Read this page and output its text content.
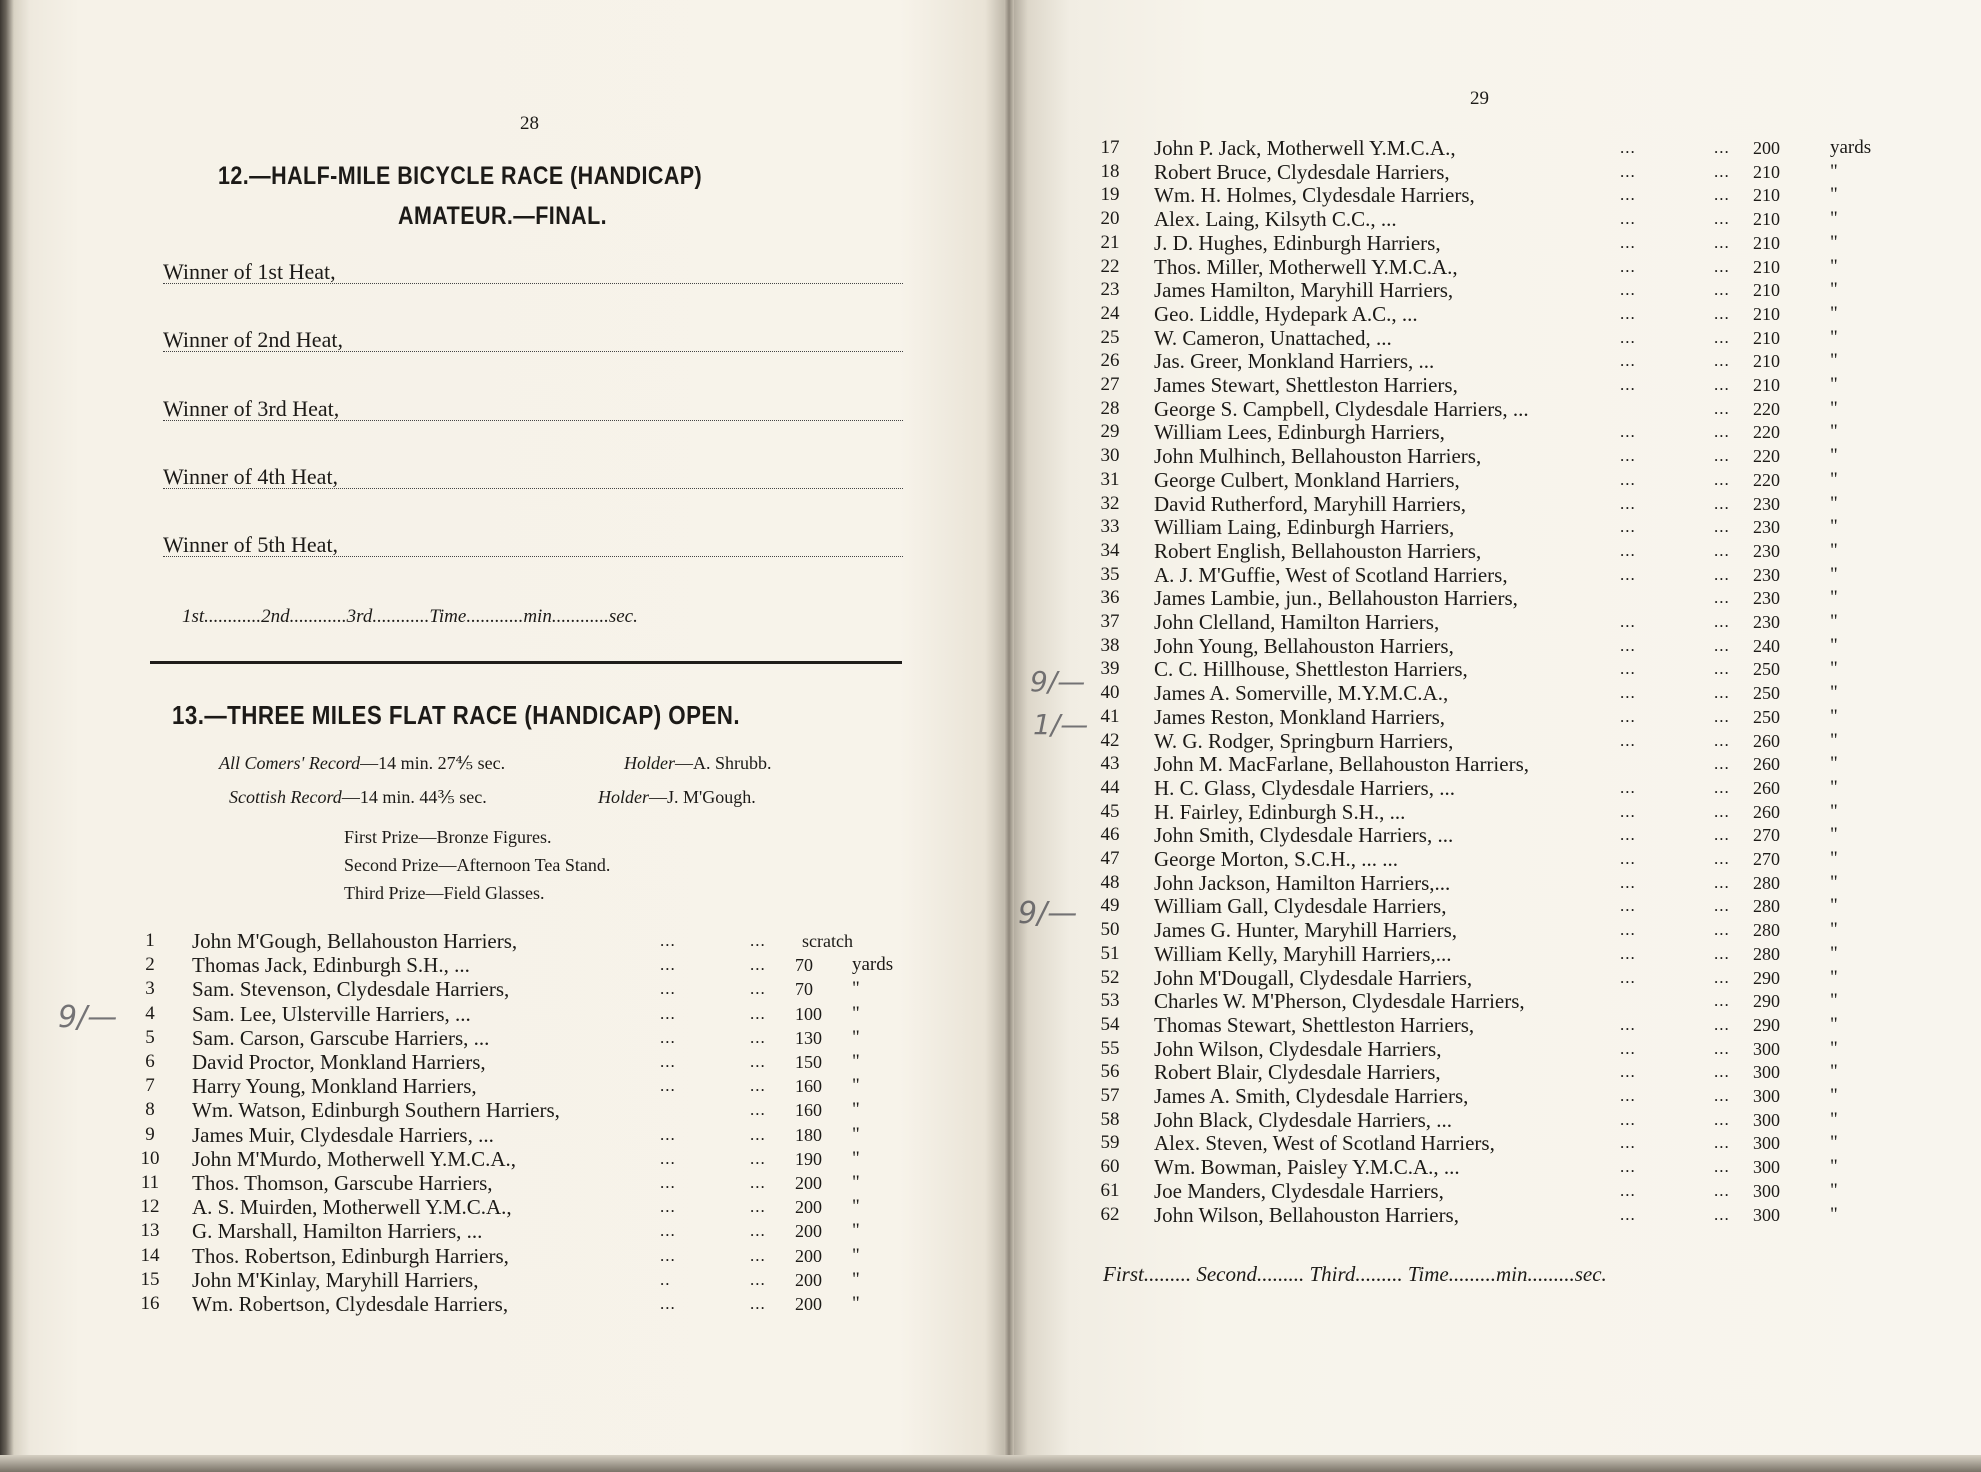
28
12.—HALF-MILE BICYCLE RACE (HANDICAP)
AMATEUR.—FINAL.
Winner of 1st Heat,
Winner of 2nd Heat,
Winner of 3rd Heat,
Winner of 4th Heat,
Winner of 5th Heat,
1st............2nd............3rd............Time............min............sec.
13.—THREE MILES FLAT RACE (HANDICAP) OPEN.
All Comers' Record—14 min. 27⅘ sec.	Holder—A. Shrubb.
Scottish Record—14 min. 44⅗ sec.	Holder—J. M'Gough.
First Prize—Bronze Figures.
Second Prize—Afternoon Tea Stand.
Third Prize—Field Glasses.
1	John M'Gough, Bellahouston Harriers,	...	... scratch
2	Thomas Jack, Edinburgh S.H., ...	...	... 70 yards
3	Sam. Stevenson, Clydesdale Harriers,	...	... 70 "
4	Sam. Lee, Ulsterville Harriers, ...	...	... 100 "
5	Sam. Carson, Garscube Harriers, ...	...	... 130 "
6	David Proctor, Monkland Harriers,	...	... 150 "
7	Harry Young, Monkland Harriers,	...	... 160 "
8	Wm. Watson, Edinburgh Southern Harriers,	... 160 "
9	James Muir, Clydesdale Harriers, ...	...	... 180 "
10	John M'Murdo, Motherwell Y.M.C.A.,	...	... 190 "
11	Thos. Thomson, Garscube Harriers,	...	... 200 "
12	A. S. Muirden, Motherwell Y.M.C.A.,	...	... 200 "
13	G. Marshall, Hamilton Harriers, ...	...	... 200 "
14	Thos. Robertson, Edinburgh Harriers,	...	... 200 "
15	John M'Kinlay, Maryhill Harriers,	..	... 200 "
16	Wm. Robertson, Clydesdale Harriers,	...	... 200 "
29
17	John P. Jack, Motherwell Y.M.C.A.,	...	... 200	yards
18	Robert Bruce, Clydesdale Harriers,	...	... 210	"
19	Wm. H. Holmes, Clydesdale Harriers,	...	... 210	"
20	Alex. Laing, Kilsyth C.C., ...	...	... 210	"
21	J. D. Hughes, Edinburgh Harriers,	...	... 210	"
22	Thos. Miller, Motherwell Y.M.C.A.,	...	... 210	"
23	James Hamilton, Maryhill Harriers,	...	... 210	"
24	Geo. Liddle, Hydepark A.C., ...	...	... 210	"
25	W. Cameron, Unattached, ...	...	... 210	"
26	Jas. Greer, Monkland Harriers, ...	...	... 210	"
27	James Stewart, Shettleston Harriers,	...	... 210	"
28	George S. Campbell, Clydesdale Harriers, ...	... 220	"
29	William Lees, Edinburgh Harriers,	...	... 220	"
30	John Mulhinch, Bellahouston Harriers,	...	... 220	"
31	George Culbert, Monkland Harriers,	...	... 220	"
32	David Rutherford, Maryhill Harriers,	...	... 230	"
33	William Laing, Edinburgh Harriers,	...	... 230	"
34	Robert English, Bellahouston Harriers,	...	... 230	"
35	A. J. M'Guffie, West of Scotland Harriers,	...	... 230	"
36	James Lambie, jun., Bellahouston Harriers,	... 230	"
37	John Clelland, Hamilton Harriers,	...	... 230	"
38	John Young, Bellahouston Harriers,	...	... 240	"
39	C. C. Hillhouse, Shettleston Harriers,	...	... 250	"
40	James A. Somerville, M.Y.M.C.A.,	...	... 250	"
41	James Reston, Monkland Harriers,	...	... 250	"
42	W. G. Rodger, Springburn Harriers,	...	... 260	"
43	John M. MacFarlane, Bellahouston Harriers,	... 260	"
44	H. C. Glass, Clydesdale Harriers, ...	...	... 260	"
45	H. Fairley, Edinburgh S.H., ...	...	... 260	"
46	John Smith, Clydesdale Harriers, ...	...	... 270	"
47	George Morton, S.C.H., ... ...	...	... 270	"
48	John Jackson, Hamilton Harriers,...	...	... 280	"
49	William Gall, Clydesdale Harriers,	...	... 280	"
50	James G. Hunter, Maryhill Harriers,	...	... 280	"
51	William Kelly, Maryhill Harriers,...	...	... 280	"
52	John M'Dougall, Clydesdale Harriers,	...	... 290	"
53	Charles W. M'Pherson, Clydesdale Harriers,	... 290	"
54	Thomas Stewart, Shettleston Harriers,	...	... 290	"
55	John Wilson, Clydesdale Harriers,	...	... 300	"
56	Robert Blair, Clydesdale Harriers,	...	... 300	"
57	James A. Smith, Clydesdale Harriers,	...	... 300	"
58	John Black, Clydesdale Harriers, ...	...	... 300	"
59	Alex. Steven, West of Scotland Harriers,	...	... 300	"
60	Wm. Bowman, Paisley Y.M.C.A., ...	...	... 300	"
61	Joe Manders, Clydesdale Harriers,	...	... 300	"
62	John Wilson, Bellahouston Harriers,	...	... 300	"
First......... Second......... Third......... Time.........min.........sec.
9/—
9/—
1/—
9/—
